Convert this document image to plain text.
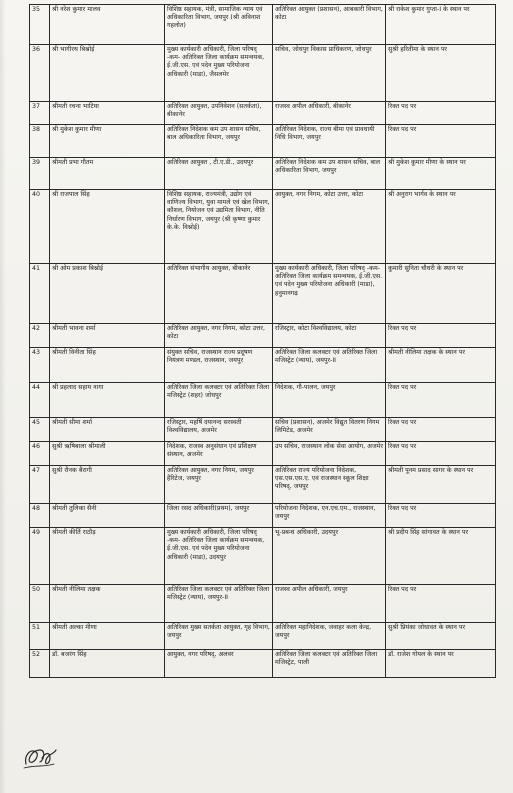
35	श्री नरेश कुमार मालव	विशिष्ठ सहायक, मंत्री, सामाजिक न्याय एवं अधिकारिता विभाग, जयपुर (श्री अविनाश गहलोत)	अतिरिक्त आयुक्त (प्रशासन), आबकारी विभाग, कोटा	श्री राकेश कुमार गुप्ता-I के स्थान पर
36	श्री भागीरथ बिश्नोई	मुख्य कार्यकारी अधिकारी, जिला परिषद् -कम- अतिरिक्त जिला कार्यक्रम समन्वयक, ई.जी.एस. एवं पदेन मुख्य परियोजना अधिकारी (माडा), जैसलमेर	सचिव, जोधपुर विकास प्राधिकरण, जोधपुर	सुश्री हरितीमा के स्थान पर
37	श्रीमती रचना भाटिया	अतिरिक्त आयुक्त, उपनिवेशन (सतर्कता), बीकानेर	राजस्व अपील अधिकारी, बीकानेर	रिक्त पद पर
38	श्री मुकेश कुमार मीणा	अतिरिक्त निदेशक कम उप शासन सचिव, बाल अधिकारिता विभाग, जयपुर	अतिरिक्त निदेशक, राज्य बीमा एवं प्रावधायी निधि विभाग, जयपुर	रिक्त पद पर
39	श्रीमती प्रभा गौतम	अतिरिक्त आयुक्त , टी.ए.डी., उदयपुर	अतिरिक्त निदेशक कम उप शासन सचिव, बाल अधिकारिता विभाग, जयपुर	श्री मुकेश कुमार मीणा के स्थान पर
40	श्री राजपाल सिंह	विशिष्ठ सहायक, राज्यमंत्री, उद्योग एवं वाणिज्य विभाग, युवा मामले एवं खेल विभाग, कौशल, नियोजन एवं उद्यमिता विभाग, नीति निर्धारण विभाग, जयपुर (श्री कृष्णा कुमार के.के. विश्नोई)	आयुक्त, नगर निगम, कोटा उत्तर, कोटा	श्री अनुराग भार्गव के स्थान पर
41	श्री ओम प्रकाश बिश्नोई	अतिरिक्त संभागीय आयुक्त, बीकानेर	मुख्य कार्यकारी अधिकारी, जिला परिषद् -कम- अतिरिक्त जिला कार्यक्रम समन्वयक, ई.जी.एस. एवं पदेन मुख्य परियोजना अधिकारी (माडा), हनुमानगढ़	कुमारी सुनिता चौधरी के स्थान पर
42	श्रीमती भावना शर्मा	अतिरिक्त आयुक्त, नगर निगम, कोटा उत्तर, कोटा	रजिस्ट्रार, कोटा विश्वविद्यालय, कोटा	रिक्त पद पर
43	श्रीमती विनीता सिंह	संयुक्त सचिव, राजस्थान राज्य प्रदूषण नियंत्रण मण्डल, राजस्थान, जयपुर	अतिरिक्त जिला कलक्टर एवं अतिरिक्त जिला मजिस्ट्रेट (न्याय), जयपुर-II	श्रीमती नीलिमा तक्षक के स्थान पर
44	श्री प्रहलाद सहाय नागा	अतिरिक्त जिला कलक्टर एवं अतिरिक्त जिला मजिस्ट्रेट (शहर) जोधपुर	निदेशक, गौ-पालन, जयपुर	रिक्त पद पर
45	श्रीमती सीमा शर्मा	रजिस्ट्रार, महर्षि दयानन्द सरस्वती विश्वविद्यालय, अजमेर	सचिव (प्रशासन), अजमेर विद्युत वितरण निगम लिमिटेड, अजमेर	रिक्त पद पर
46	सुश्री ऋषिबाला श्रीमाली	निदेशक, राजस्व अनुसंधान एवं प्रशिक्षण संस्थान, अजमेर	उप सचिव, राजस्थान लोक सेवा आयोग, अजमेर	रिक्त पद पर
47	सुश्री रौनक बैरागी	अतिरिक्त आयुक्त, नगर निगम, जयपुर हैरिटेज, जयपुर	अतिरिक्त राज्य परियोजना निदेशक, एस.एस.एस.ए. एवं राजस्थान स्कूल शिक्षा परिषद्, जयपुर	श्रीमती पूनम प्रसाद सागर के स्थान पर
48	श्रीमती तुलिका सैनी	जिला रसद अधिकारी(प्रथम), जयपुर	परियोजना निदेशक, एन.एच.एम., राजस्थान, जयपुर	रिक्त पद पर
49	श्रीमती कीर्ति राठौड़	मुख्य कार्यकारी अधिकारी, जिला परिषद् -कम- अतिरिक्त जिला कार्यक्रम समन्वयक, ई.जी.एस. एवं पदेन मुख्य परियोजना अधिकारी (माडा), उदयपुर	भू-प्रबन्ध अधिकारी, उदयपुर	श्री प्रदीप सिंह सांगावत के स्थान पर
50	श्रीमती नीलिमा तक्षक	अतिरिक्त जिला कलक्टर एवं अतिरिक्त जिला मजिस्ट्रेट (न्याय), जयपुर-II	राजस्व अपील अधिकारी, जयपुर	रिक्त पद पर
51	श्रीमती अल्का मीणा	अतिरिक्त मुख्य सतर्कता आयुक्त, गृह विभाग, जयपुर	अतिरिक्त महानिदेशक, जवाहर कला केन्द्र, जयपुर	सुश्री प्रियंका जोधावत के स्थान पर
52	डॉ. बजरंग सिंह	आयुक्त, नगर परिषद्, अलवर	अतिरिक्त जिला कलक्टर एवं अतिरिक्त जिला मजिस्ट्रेट, पाली	डॉ. राजेश गोयल के स्थान पर
